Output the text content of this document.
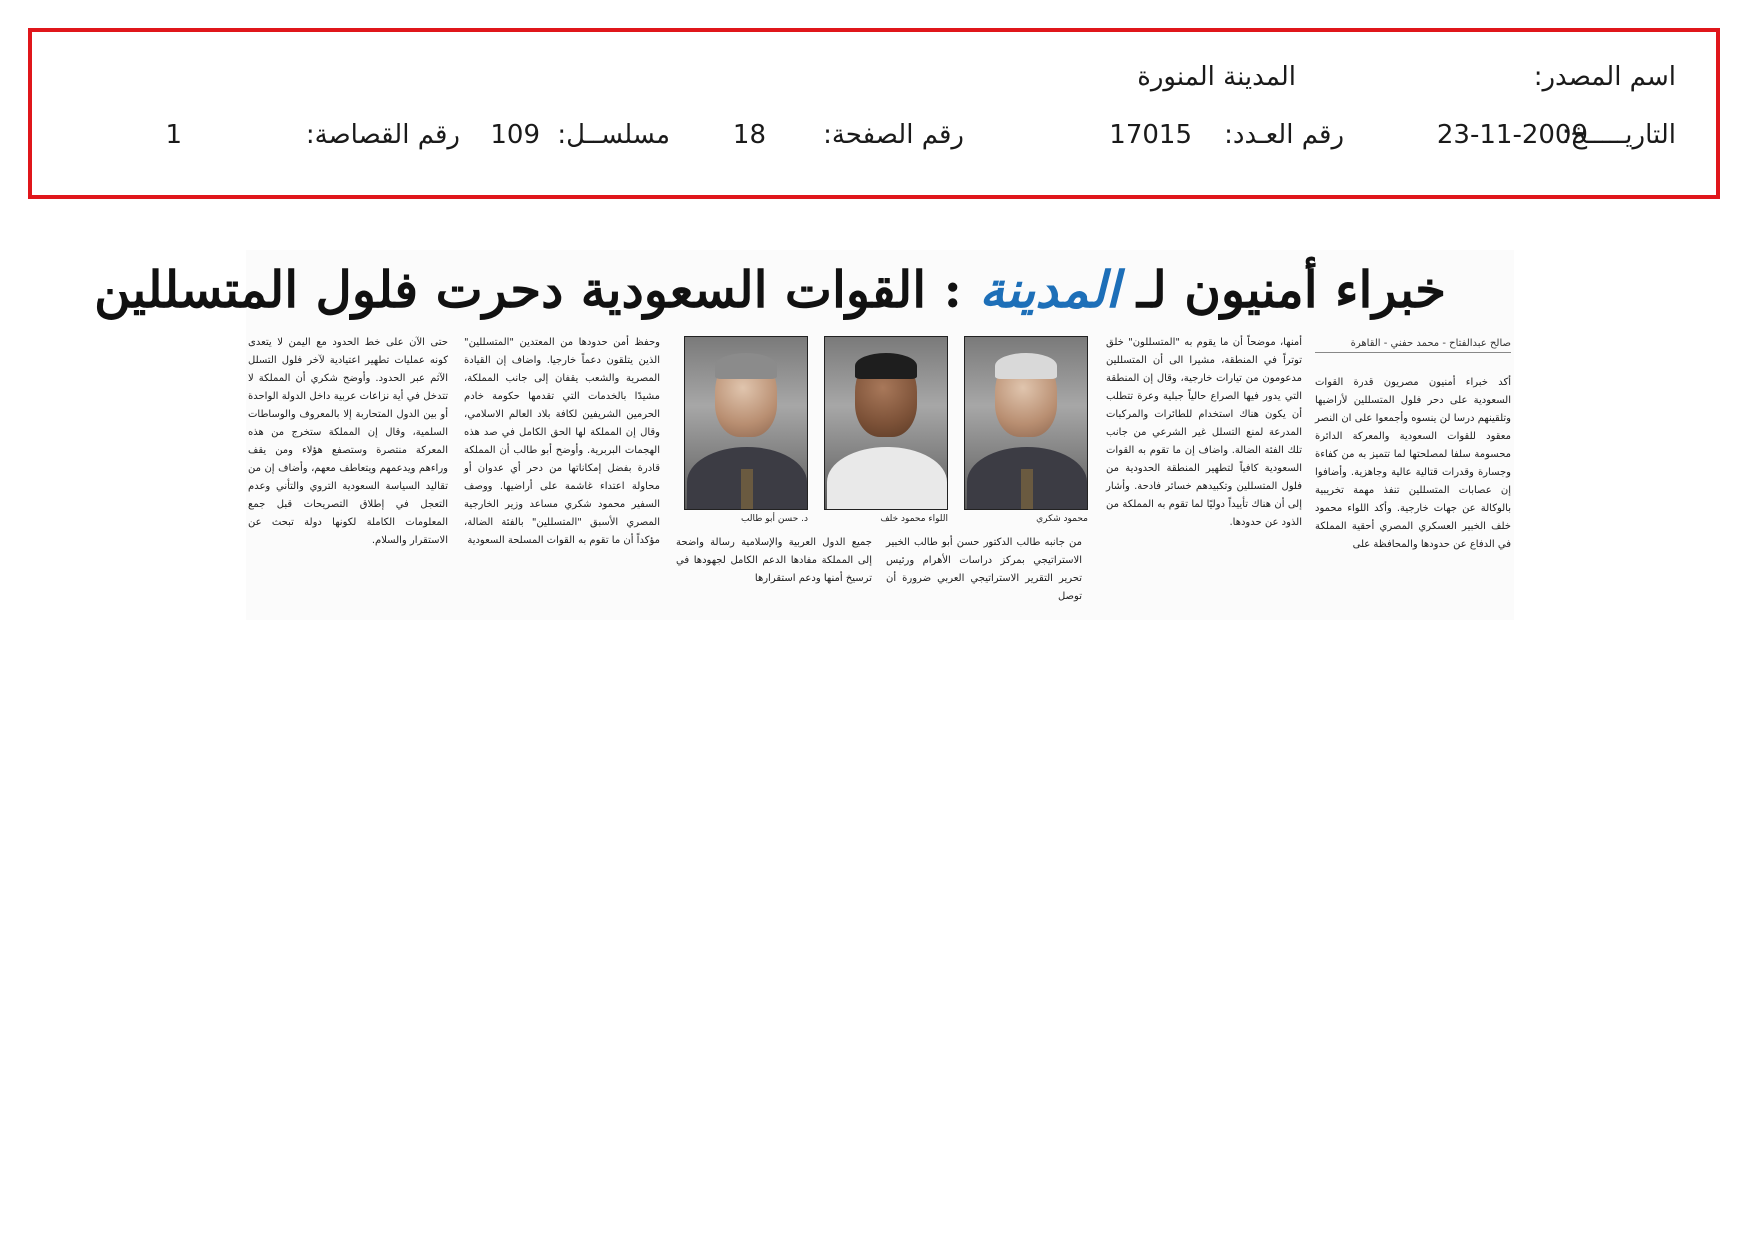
اسم المصدر:
المدينة المنورة
التاريـــــخ:
23-11-2009
رقم العـدد:
17015
رقم الصفحة:
18
مسلســل:
109
رقم القصاصة:
1
خبراء أمنيون لـ المدينة : القوات السعودية دحرت فلول المتسللين
صالح عبدالفتاح - محمد حفني - القاهرة

أكد خبراء أمنيون مصريون قدرة القوات السعودية على دحر فلول المتسللين لأراضيها وتلقينهم درسا لن ينسوه وأجمعوا على ان النصر معقود للقوات السعودية والمعركة الدائرة محسومة سلفا لمصلحتها لما تتميز به من كفاءة وجسارة وقدرات قتالية عالية وجاهزية. وأضافوا إن عصابات المتسللين تنفذ مهمة تخريبية بالوكالة عن جهات خارجية. وأكد اللواء محمود خلف الخبير العسكري المصري أحقية المملكة في الدفاع عن حدودها والمحافظة على

أمنها، موضحاً أن ما يقوم به "المتسللون" خلق توتراً في المنطقة، مشيرا الى أن المتسللين مدعومون من تيارات خارجية، وقال إن المنطقة التي يدور فيها الصراع حالياً جبلية وعرة تتطلب أن يكون هناك استخدام للطائرات والمركبات المدرعة لمنع التسلل غير الشرعي من جانب تلك الفئة الضالة. واضاف إن ما تقوم به القوات السعودية كافياً لتطهير المنطقة الحدودية من فلول المتسللين وتكبيدهم خسائر فادحة. وأشار إلى أن هناك تأييداً دوليًا لما تقوم به المملكة من الذود عن حدودها.

محمود شكري
اللواء محمود خلف
د. حسن أبو طالب

من جانبه طالب الدكتور حسن أبو طالب الخبير الاستراتيجي بمركز دراسات الأهرام ورئيس تحرير التقرير الاستراتيجي العربي ضرورة أن توصل

جميع الدول العربية والإسلامية رسالة واضحة إلى المملكة مفادها الدعم الكامل لجهودها في ترسيخ أمنها ودعم استقرارها

وحفظ أمن حدودها من المعتدين "المتسللين" الذين يتلقون دعماً خارجيا. واضاف إن القيادة المصرية والشعب يقفان إلى جانب المملكة، مشيدًا بالخدمات التي تقدمها حكومة خادم الحرمين الشريفين لكافة بلاد العالم الاسلامي، وقال إن المملكة لها الحق الكامل في صد هذه الهجمات البربرية. وأوضح أبو طالب أن المملكة قادرة بفضل إمكاناتها من دحر أي عدوان أو محاولة اعتداء غاشمة على أراضيها. ووصف السفير محمود شكري مساعد وزير الخارجية المصري الأسبق "المتسللين" بالفئة الضالة، مؤكداً أن ما تقوم به القوات المسلحة السعودية

حتى الآن على خط الحدود مع اليمن لا يتعدى كونه عمليات تطهير اعتيادية لآخر فلول التسلل الآثم عبر الحدود. وأوضح شكري أن المملكة لا تتدخل في أية نزاعات عربية داخل الدولة الواحدة أو بين الدول المتحاربة إلا بالمعروف والوساطات السلمية، وقال إن المملكة ستخرج من هذه المعركة منتصرة وستصفع هؤلاء ومن يقف وراءهم ويدعمهم ويتعاطف معهم، وأضاف إن من تقاليد السياسة السعودية التروي والتأني وعدم التعجل في إطلاق التصريحات قبل جمع المعلومات الكاملة لكونها دولة تبحث عن الاستقرار والسلام.
